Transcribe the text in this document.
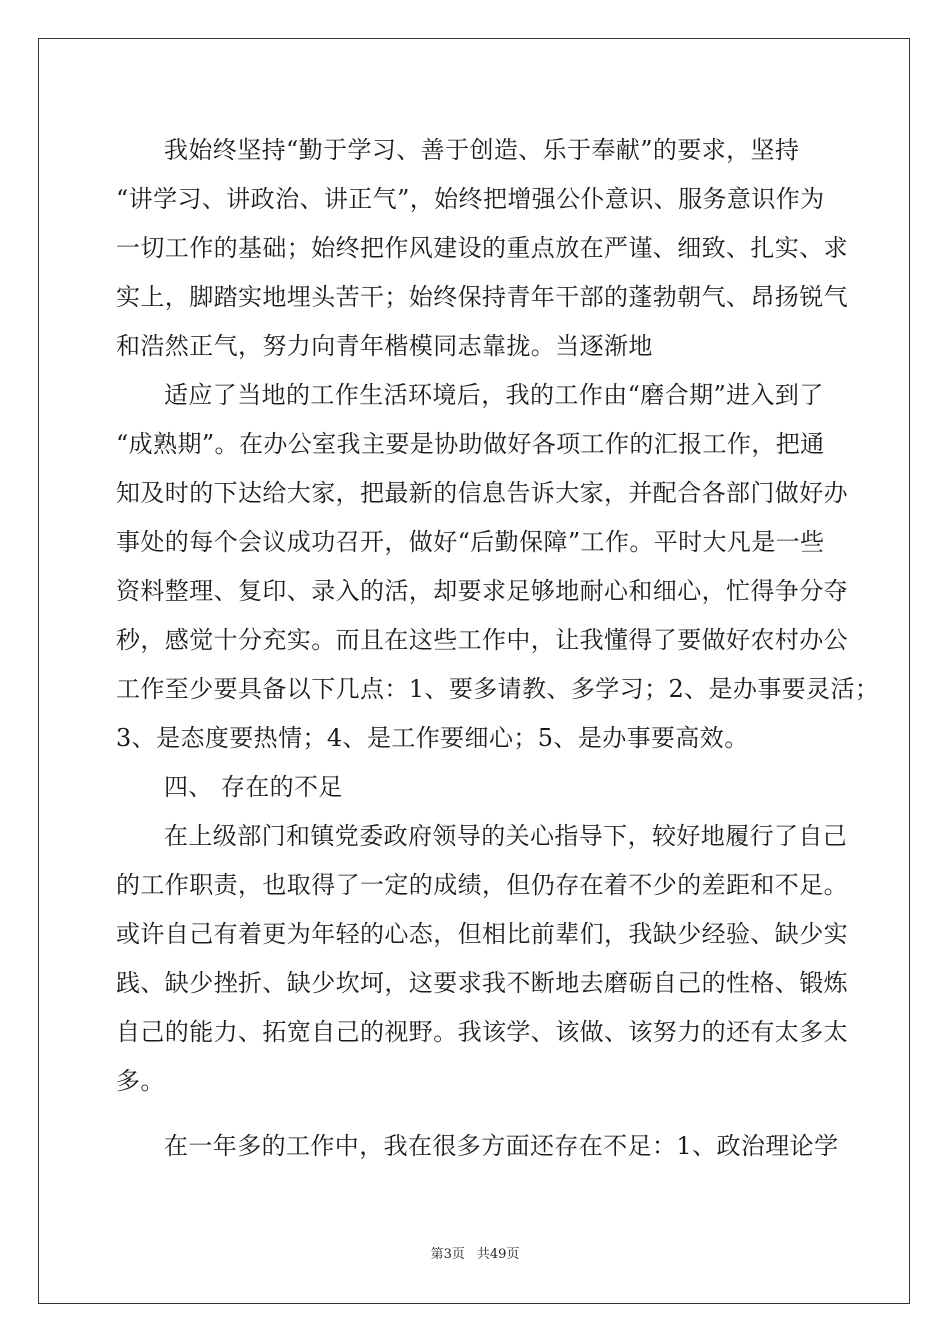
我始终坚持“勤于学习、善于创造、乐于奉献”的要求，坚持
“讲学习、讲政治、讲正气”，始终把增强公仆意识、服务意识作为
一切工作的基础；始终把作风建设的重点放在严谨、细致、扎实、求
实上，脚踏实地埋头苦干；始终保持青年干部的蓬勃朝气、昂扬锐气
和浩然正气，努力向青年楷模同志靠拢。当逐渐地
适应了当地的工作生活环境后，我的工作由“磨合期”进入到了
“成熟期”。在办公室我主要是协助做好各项工作的汇报工作，把通
知及时的下达给大家，把最新的信息告诉大家，并配合各部门做好办
事处的每个会议成功召开，做好“后勤保障”工作。平时大凡是一些
资料整理、复印、录入的活，却要求足够地耐心和细心，忙得争分夺
秒，感觉十分充实。而且在这些工作中，让我懂得了要做好农村办公
工作至少要具备以下几点：1、要多请教、多学习；2、是办事要灵活；
3、是态度要热情；4、是工作要细心；5、是办事要高效。
四、 存在的不足
在上级部门和镇党委政府领导的关心指导下，较好地履行了自己
的工作职责，也取得了一定的成绩，但仍存在着不少的差距和不足。
或许自己有着更为年轻的心态，但相比前辈们，我缺少经验、缺少实
践、缺少挫折、缺少坎坷，这要求我不断地去磨砺自己的性格、锻炼
自己的能力、拓宽自己的视野。我该学、该做、该努力的还有太多太
多。
在一年多的工作中，我在很多方面还存在不足：1、政治理论学
第3页 共49页
